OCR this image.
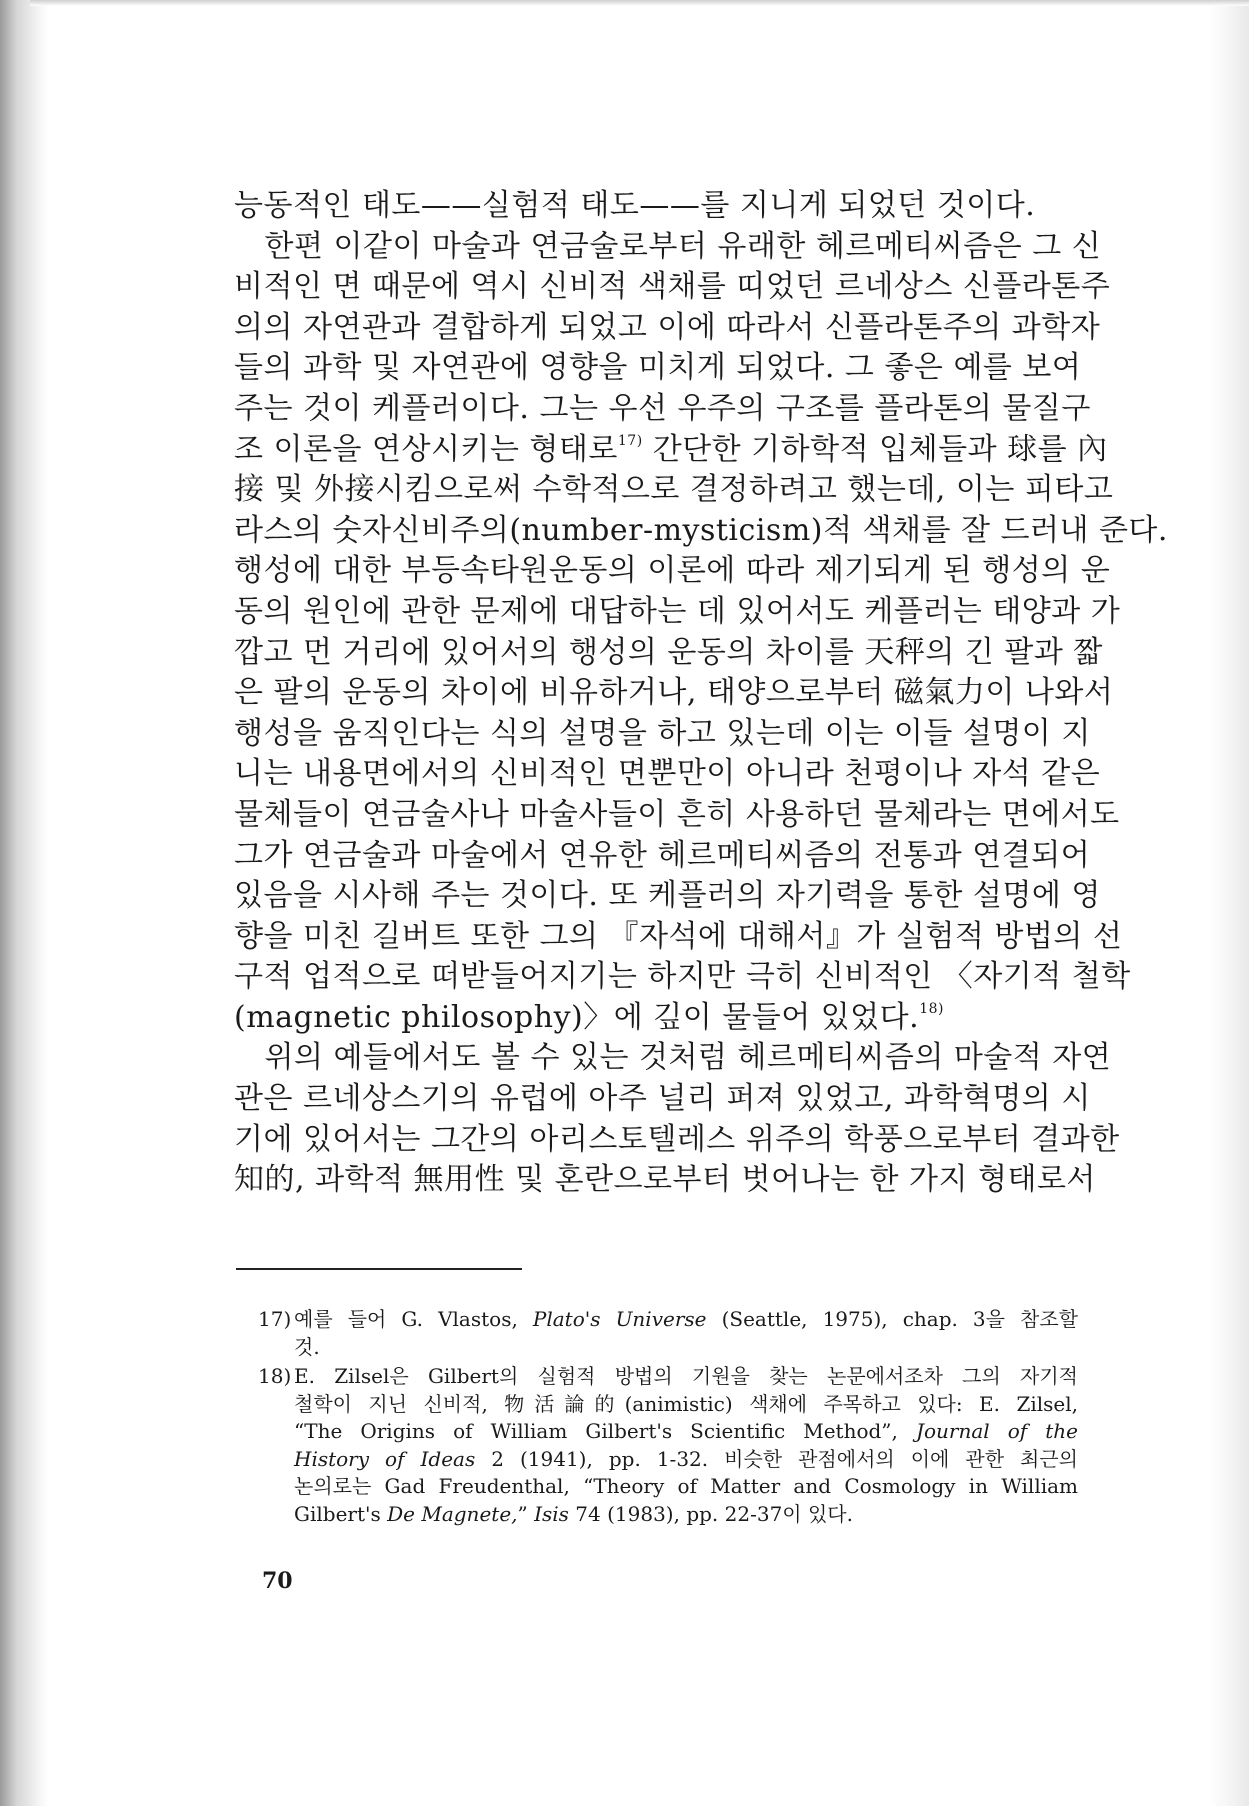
능동적인 태도——실험적 태도——를 지니게 되었던 것이다.
　한편 이같이 마술과 연금술로부터 유래한 헤르메티씨즘은 그 신
비적인 면 때문에 역시 신비적 색채를 띠었던 르네상스 신플라톤주
의의 자연관과 결합하게 되었고 이에 따라서 신플라톤주의 과학자
들의 과학 및 자연관에 영향을 미치게 되었다. 그 좋은 예를 보여
주는 것이 케플러이다. 그는 우선 우주의 구조를 플라톤의 물질구
조 이론을 연상시키는 형태로$^{17)}$ 간단한 기하학적 입체들과 球를 內
接 및 外接시킴으로써 수학적으로 결정하려고 했는데, 이는 피타고
라스의 숫자신비주의(number-mysticism)적 색채를 잘 드러내 준다.
행성에 대한 부등속타원운동의 이론에 따라 제기되게 된 행성의 운
동의 원인에 관한 문제에 대답하는 데 있어서도 케플러는 태양과 가
깝고 먼 거리에 있어서의 행성의 운동의 차이를 天秤의 긴 팔과 짧
은 팔의 운동의 차이에 비유하거나, 태양으로부터 磁氣力이 나와서
행성을 움직인다는 식의 설명을 하고 있는데 이는 이들 설명이 지
니는 내용면에서의 신비적인 면뿐만이 아니라 천평이나 자석 같은
물체들이 연금술사나 마술사들이 흔히 사용하던 물체라는 면에서도
그가 연금술과 마술에서 연유한 헤르메티씨즘의 전통과 연결되어
있음을 시사해 주는 것이다. 또 케플러의 자기력을 통한 설명에 영
향을 미친 길버트 또한 그의 『자석에 대해서』가 실험적 방법의 선
구적 업적으로 떠받들어지기는 하지만 극히 신비적인 〈자기적 철학
(magnetic philosophy)〉에 깊이 물들어 있었다.$^{18)}$
　위의 예들에서도 볼 수 있는 것처럼 헤르메티씨즘의 마술적 자연
관은 르네상스기의 유럽에 아주 널리 퍼져 있었고, 과학혁명의 시
기에 있어서는 그간의 아리스토텔레스 위주의 학풍으로부터 결과한
知的, 과학적 無用性 및 혼란으로부터 벗어나는 한 가지 형태로서
17) 예를 들어 G. Vlastos, Plato's Universe (Seattle, 1975), chap. 3을 참조할
것.
18) E. Zilsel은 Gilbert의 실험적 방법의 기원을 찾는 논문에서조차 그의 자기적
철학이 지닌 신비적, 物活論的(animistic) 색채에 주목하고 있다: E. Zilsel,
“The Origins of William Gilbert's Scientific Method”, Journal of the
History of Ideas 2 (1941), pp. 1-32. 비슷한 관점에서의 이에 관한 최근의
논의로는 Gad Freudenthal, “Theory of Matter and Cosmology in William
Gilbert's De Magnete,” Isis 74 (1983), pp. 22-37이 있다.
70
